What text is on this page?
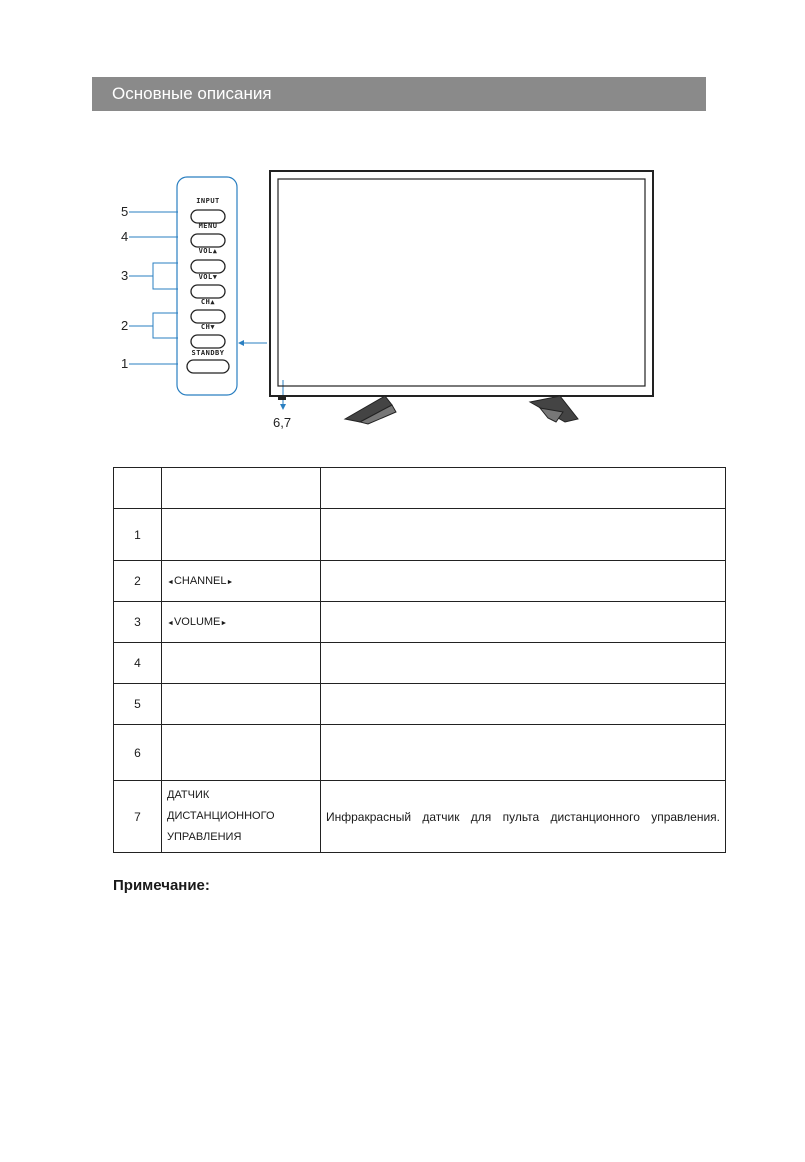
Основные описания
5
4
3
2
1
6,7
INPUT
MENU
VOL▲
VOL▼
CH▲
CH▼
STANDBY

1		
2	◄CHANNEL►	
3	◄VOLUME►	
4		
5		
6		
7	ДАТЧИК
ДИСТАНЦИОННОГО
УПРАВЛЕНИЯ	Инфракрасный датчик для пульта дистанционного управления.
Примечание:
